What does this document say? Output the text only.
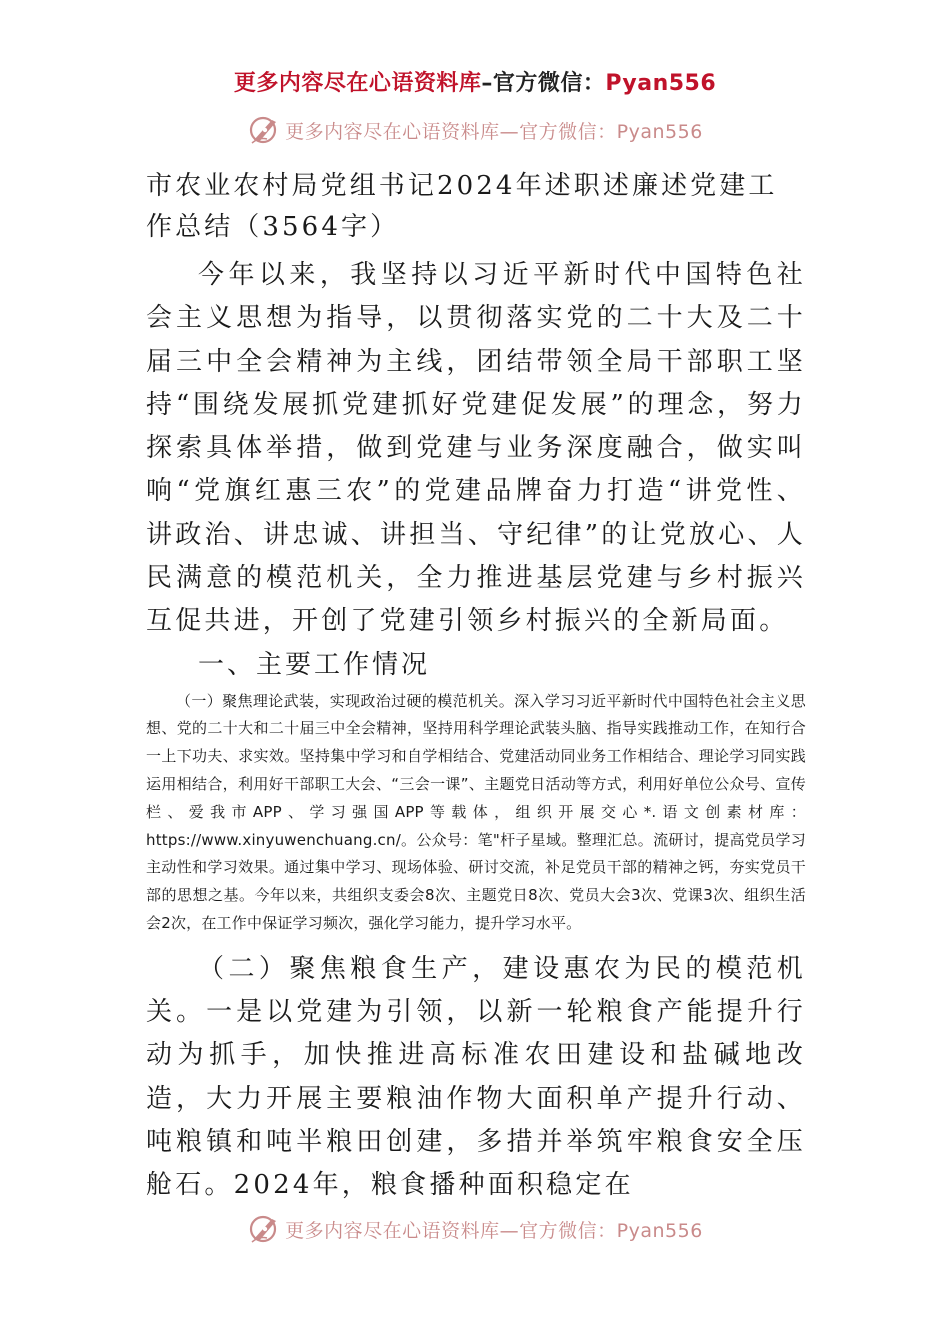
更多内容尽在心语资料库–官方微信：Pyan556
更多内容尽在心语资料库—官方微信：Pyan556
市农业农村局党组书记2024年述职述廉述党建工作总结（3564字）

今年以来，我坚持以习近平新时代中国特色社会主义思想为指导，以贯彻落实党的二十大及二十届三中全会精神为主线，团结带领全局干部职工坚持“围绕发展抓党建抓好党建促发展”的理念，努力探索具体举措，做到党建与业务深度融合，做实叫响“党旗红惠三农”的党建品牌奋力打造“讲党性、讲政治、讲忠诚、讲担当、守纪律”的让党放心、人民满意的模范机关，全力推进基层党建与乡村振兴互促共进，开创了党建引领乡村振兴的全新局面。

一、主要工作情况

（一）聚焦理论武装，实现政治过硬的模范机关。深入学习习近平新时代中国特色社会主义思想、党的二十大和二十届三中全会精神，坚持用科学理论武装头脑、指导实践推动工作，在知行合一上下功夫、求实效。坚持集中学习和自学相结合、党建活动同业务工作相结合、理论学习同实践运用相结合，利用好干部职工大会、“三会一课”、主题党日活动等方式，利用好单位公众号、宣传栏、爱我市APP、学习强国APP等载体，组织开展交心*.语文创素材库：https://www.xinyuwenchuang.cn/。公众号：笔"杆子星域。整理汇总。流研讨，提高党员学习主动性和学习效果。通过集中学习、现场体验、研讨交流，补足党员干部的精神之钙，夯实党员干部的思想之基。今年以来，共组织支委会8次、主题党日8次、党员大会3次、党课3次、组织生活会2次，在工作中保证学习频次，强化学习能力，提升学习水平。

（二）聚焦粮食生产，建设惠农为民的模范机关。一是以党建为引领，以新一轮粮食产能提升行动为抓手，加快推进高标准农田建设和盐碱地改造，大力开展主要粮油作物大面积单产提升行动、吨粮镇和吨半粮田创建，多措并举筑牢粮食安全压舱石。2024年，粮食播种面积稳定在

更多内容尽在心语资料库—官方微信：Pyan556
